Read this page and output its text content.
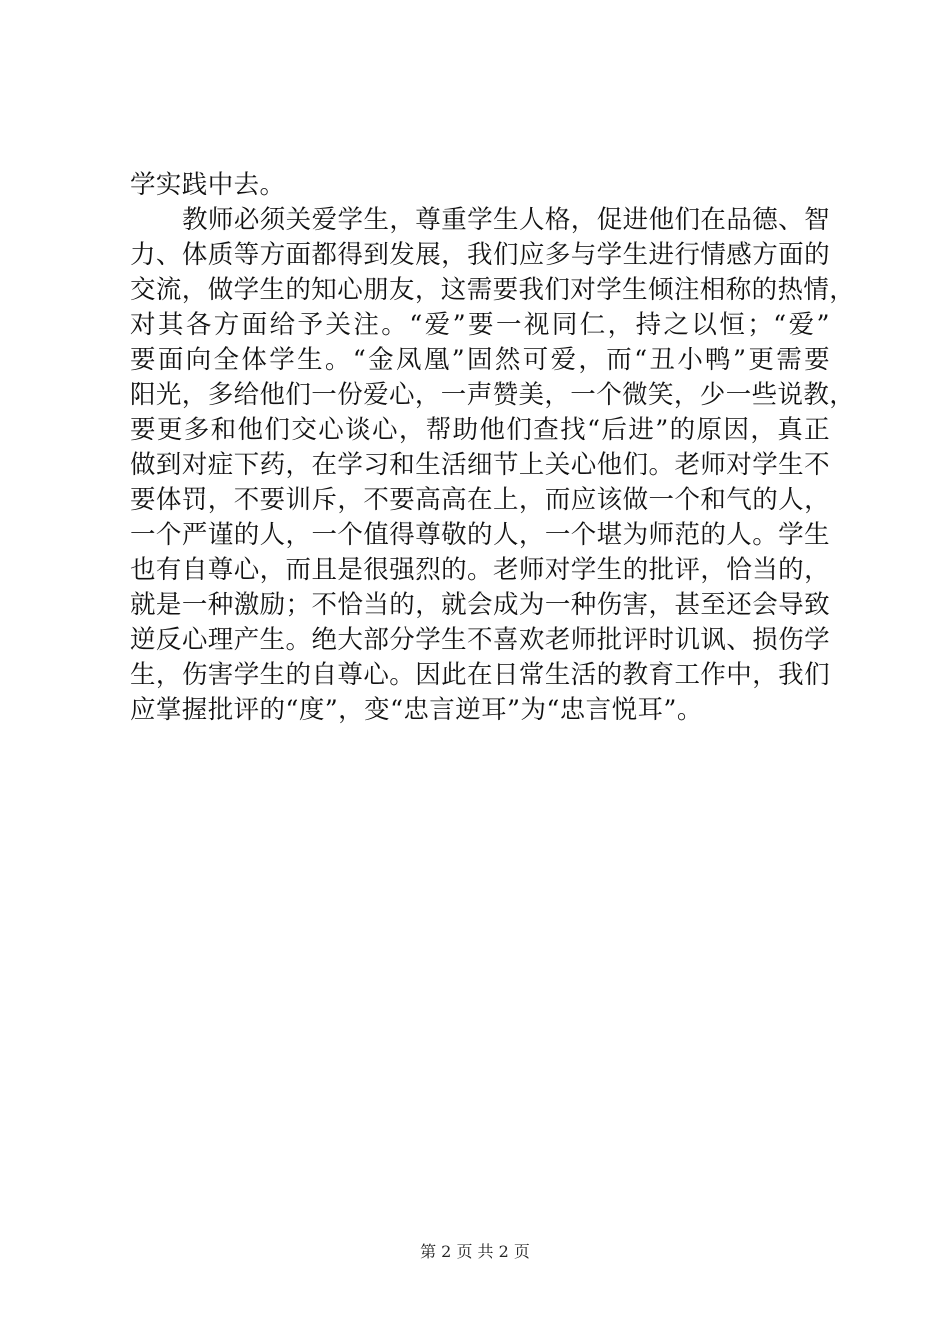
学实践中去。
教师必须关爱学生，尊重学生人格，促进他们在品德、智
力、体质等方面都得到发展，我们应多与学生进行情感方面的
交流，做学生的知心朋友，这需要我们对学生倾注相称的热情，
对其各方面给予关注。“爱”要一视同仁，持之以恒；“爱”
要面向全体学生。“金凤凰”固然可爱，而“丑小鸭”更需要
阳光，多给他们一份爱心，一声赞美，一个微笑，少一些说教，
要更多和他们交心谈心，帮助他们查找“后进”的原因，真正
做到对症下药，在学习和生活细节上关心他们。老师对学生不
要体罚，不要训斥，不要高高在上，而应该做一个和气的人，
一个严谨的人，一个值得尊敬的人，一个堪为师范的人。学生
也有自尊心，而且是很强烈的。老师对学生的批评，恰当的，
就是一种激励；不恰当的，就会成为一种伤害，甚至还会导致
逆反心理产生。绝大部分学生不喜欢老师批评时讥讽、损伤学
生，伤害学生的自尊心。因此在日常生活的教育工作中，我们
应掌握批评的“度”，变“忠言逆耳”为“忠言悦耳”。
第 2 页 共 2 页
